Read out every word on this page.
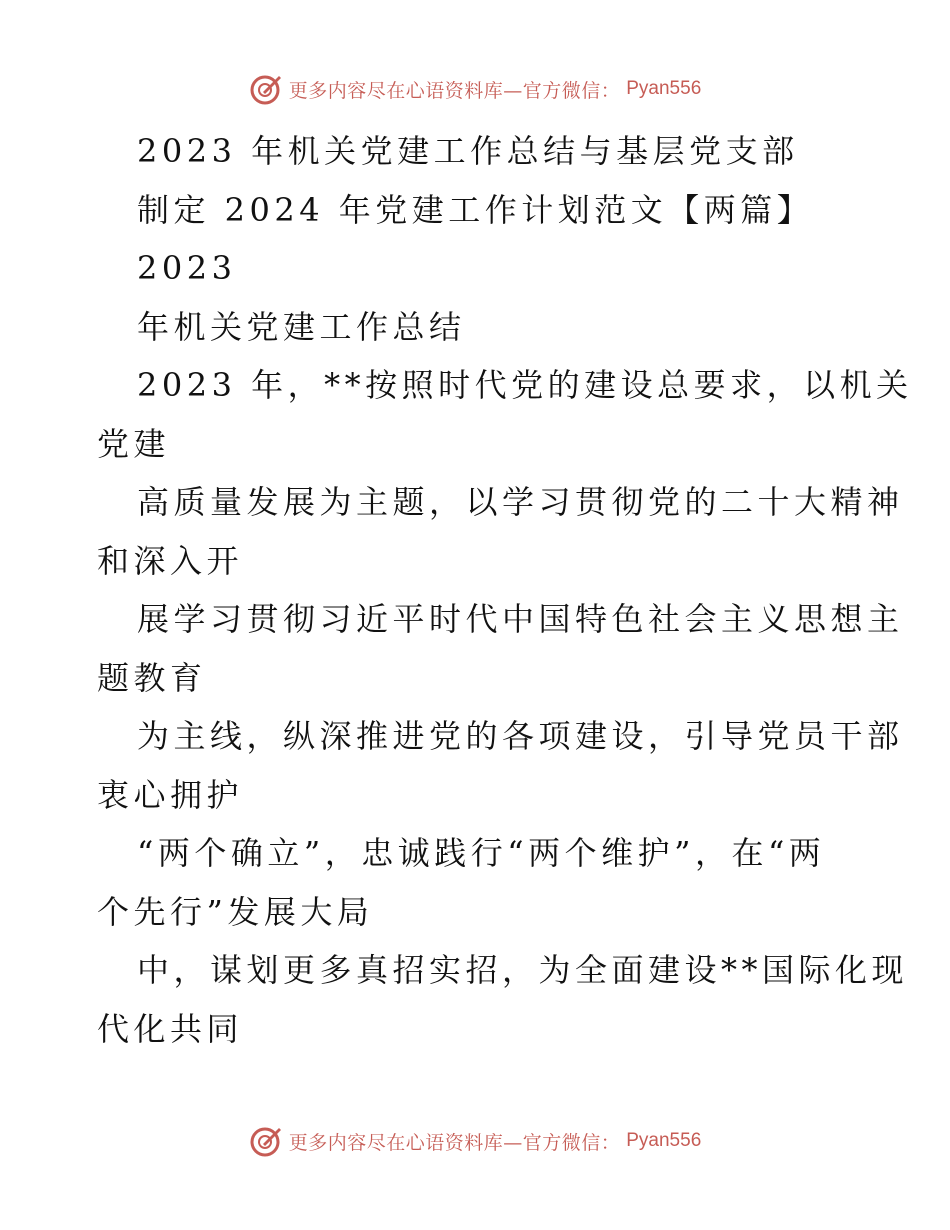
更多内容尽在心语资料库—官方微信： Pyan556
2023 年机关党建工作总结与基层党支部
制定 2024 年党建工作计划范文【两篇】
2023
年机关党建工作总结
2023 年，**按照时代党的建设总要求，以机关
党建
高质量发展为主题，以学习贯彻党的二十大精神
和深入开
展学习贯彻习近平时代中国特色社会主义思想主
题教育
为主线，纵深推进党的各项建设，引导党员干部
衷心拥护
“两个确立”，忠诚践行“两个维护”，在“两
个先行”发展大局
中，谋划更多真招实招，为全面建设**国际化现
代化共同
更多内容尽在心语资料库—官方微信： Pyan556
